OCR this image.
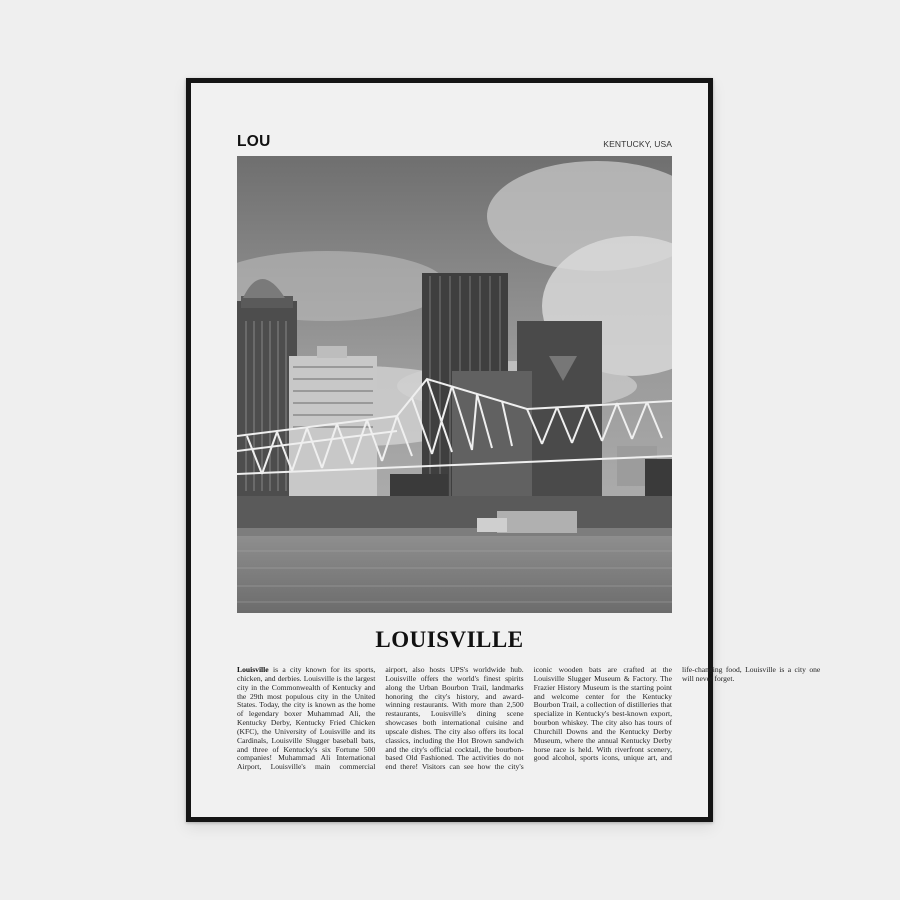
LOU	KENTUCKY, USA
LOUISVILLE
Louisville is a city known for its sports, chicken, and derbies. Louisville is the largest city in the Commonwealth of Kentucky and the 29th most populous city in the United States. Today, the city is known as the home of legendary boxer Muhammad Ali, the Kentucky Derby, Kentucky Fried Chicken (KFC), the University of Louisville and its Cardinals, Louisville Slugger baseball bats, and three of Kentucky's six Fortune 500 companies! Muhammad Ali International Airport, Louisville's main commercial airport, also hosts UPS's worldwide hub. Louisville offers the world's finest spirits along the Urban Bourbon Trail, landmarks honoring the city's history, and award-winning restaurants. With more than 2,500 restaurants, Louisville's dining scene showcases both international cuisine and upscale dishes. The city also offers its local classics, including the Hot Brown sandwich and the city's official cocktail, the bourbon-based Old Fashioned. The activities do not end there! Visitors can see how the city's iconic wooden bats are crafted at the Louisville Slugger Museum & Factory. The Frazier History Museum is the starting point and welcome center for the Kentucky Bourbon Trail, a collection of distilleries that specialize in Kentucky's best-known export, bourbon whiskey. The city also has tours of Churchill Downs and the Kentucky Derby Museum, where the annual Kentucky Derby horse race is held. With riverfront scenery, good alcohol, sports icons, unique art, and life-changing food, Louisville is a city one will never forget.
